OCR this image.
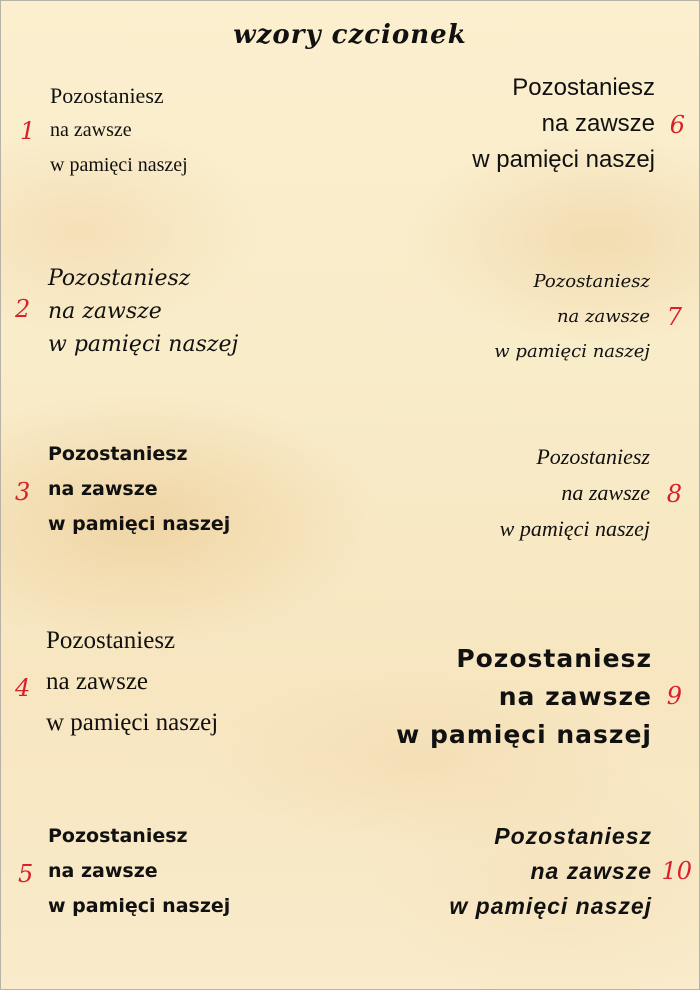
wzory czcionek
1
Pozostaniesz
na zawsze
w pamięci naszej
2
Pozostaniesz
na zawsze
w pamięci naszej
3
Pozostaniesz
na zawsze
w pamięci naszej
4
Pozostaniesz
na zawsze
w pamięci naszej
5
Pozostaniesz
na zawsze
w pamięci naszej
6
Pozostaniesz
na zawsze
w pamięci naszej
7
Pozostaniesz
na zawsze
w pamięci naszej
8
Pozostaniesz
na zawsze
w pamięci naszej
9
Pozostaniesz
na zawsze
w pamięci naszej
10
Pozostaniesz
na zawsze
w pamięci naszej
